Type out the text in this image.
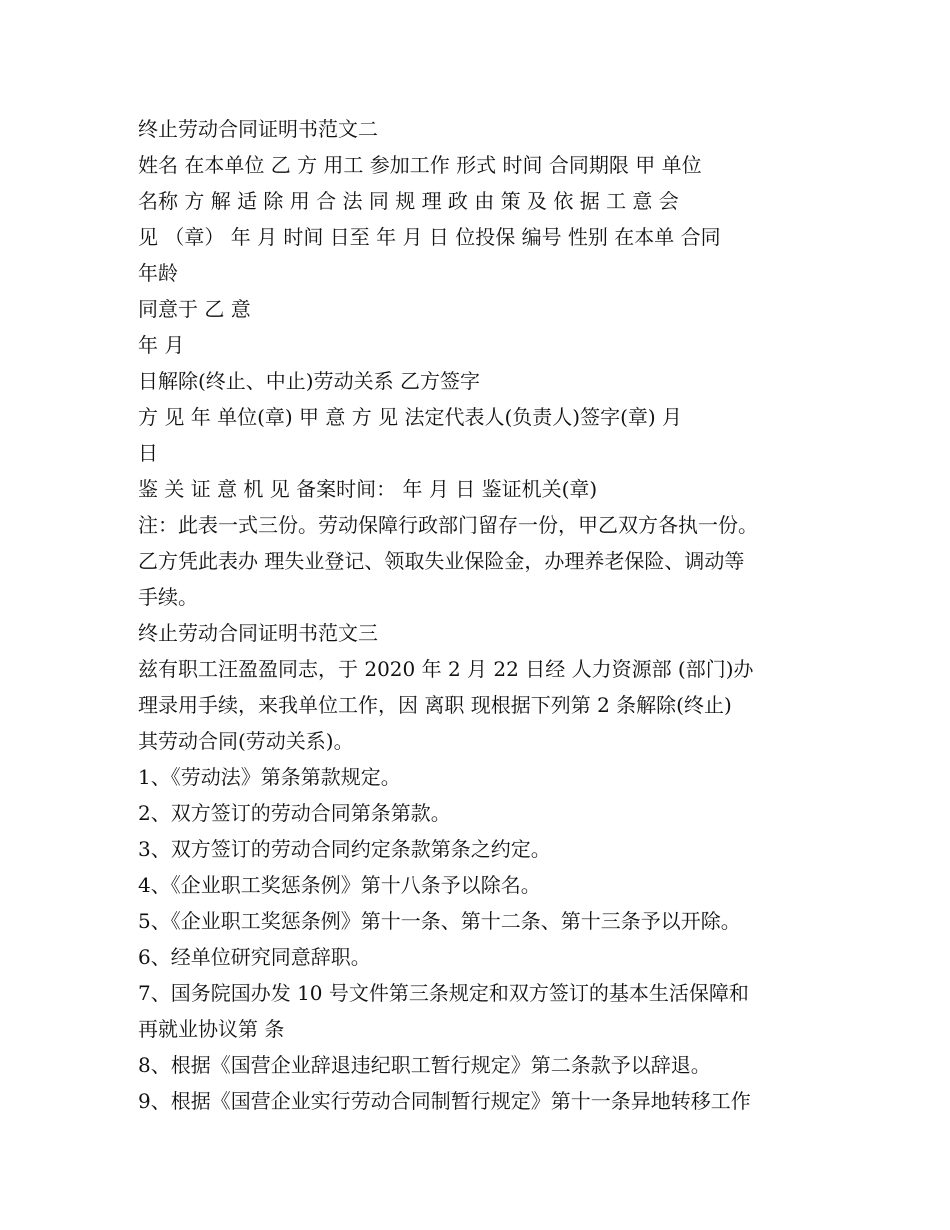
终止劳动合同证明书范文二
姓名 在本单位 乙 方 用工 参加工作 形式 时间 合同期限 甲 单位
名称 方 解 适 除 用 合 法 同 规 理 政 由 策 及 依 据 工 意 会
见 （章） 年 月 时间 日至 年 月 日 位投保 编号 性别 在本单 合同
年龄
同意于 乙 意
年 月
日解除(终止、中止)劳动关系 乙方签字
方 见 年 单位(章) 甲 意 方 见 法定代表人(负责人)签字(章) 月
日
鉴 关 证 意 机 见 备案时间： 年 月 日 鉴证机关(章)
注：此表一式三份。劳动保障行政部门留存一份，甲乙双方各执一份。
乙方凭此表办 理失业登记、领取失业保险金，办理养老保险、调动等
手续。
终止劳动合同证明书范文三
兹有职工汪盈盈同志，于 2020 年 2 月 22 日经 人力资源部 (部门)办
理录用手续，来我单位工作，因 离职 现根据下列第 2 条解除(终止)
其劳动合同(劳动关系)。
1、《劳动法》第条第款规定。
2、双方签订的劳动合同第条第款。
3、双方签订的劳动合同约定条款第条之约定。
4、《企业职工奖惩条例》第十八条予以除名。
5、《企业职工奖惩条例》第十一条、第十二条、第十三条予以开除。
6、经单位研究同意辞职。
7、国务院国办发 10 号文件第三条规定和双方签订的基本生活保障和
再就业协议第 条
8、根据《国营企业辞退违纪职工暂行规定》第二条款予以辞退。
9、根据《国营企业实行劳动合同制暂行规定》第十一条异地转移工作
